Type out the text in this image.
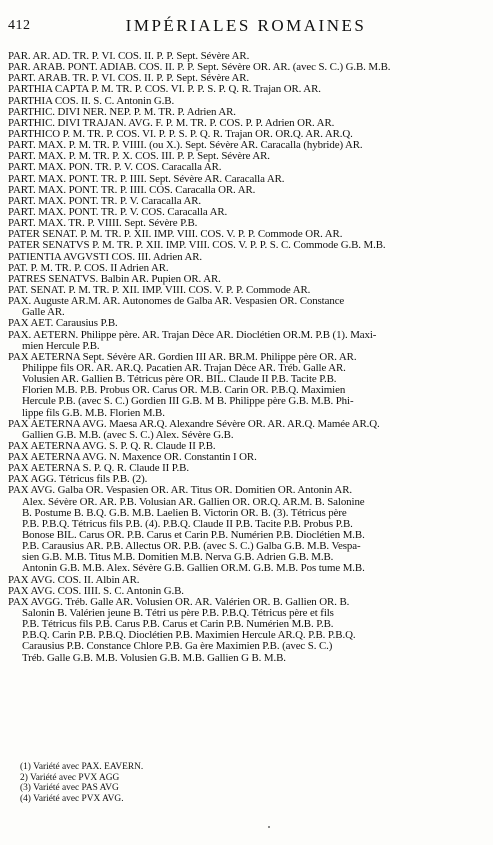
412	IMPÉRIALES ROMAINES
PAR. AR. AD. TR. P. VI. COS. II. P. P. Sept. Sévère AR.
PAR. ARAB. PONT. ADIAB. COS. II. P. P. Sept. Sévère OR. AR. (avec S. C.) G.B. M.B.
PART. ARAB. TR. P. VI. COS. II. P. P. Sept. Sévère AR.
PARTHIA CAPTA P. M. TR. P. COS. VI. P. P. S. P. Q. R. Trajan OR. AR.
PARTHIA COS. II. S. C. Antonin G.B.
PARTHIC. DIVI NER. NEP. P. M. TR. P. Adrien AR.
PARTHIC. DIVI TRAJAN. AVG. F. P. M. TR. P. COS. P. P. Adrien OR. AR.
PARTHICO P. M. TR. P. COS. VI. P. P. S. P. Q. R. Trajan OR. OR.Q. AR. AR.Q.
PART. MAX. P. M. TR. P. VIIII. (ou X.). Sept. Sévère AR. Caracalla (hybride) AR.
PART. MAX. P. M. TR. P. X. COS. III. P. P. Sept. Sévère AR.
PART. MAX. PON. TR. P. V. COS. Caracalla AR.
PART. MAX. PONT. TR. P. IIII. Sept. Sévère AR. Caracalla AR.
PART. MAX. PONT. TR. P. IIII. COS. Caracalla OR. AR.
PART. MAX. PONT. TR. P. V. Caracalla AR.
PART. MAX. PONT. TR. P. V. COS. Caracalla AR.
PART. MAX. TR. P. VIIII. Sept. Sévère P.B.
PATER SENAT. P. M. TR. P. XII. IMP. VIII. COS. V. P. P. Commode OR. AR.
PATER SENATVS P. M. TR. P. XII. IMP. VIII. COS. V. P. P. S. C. Commode G.B. M.B.
PATIENTIA AVGVSTI COS. III. Adrien AR.
PAT. P. M. TR. P. COS. II Adrien AR.
PATRES SENATVS. Balbin AR. Pupien OR. AR.
PAT. SENAT. P. M. TR. P. XII. IMP. VIII. COS. V. P. P. Commode AR.
PAX. Auguste AR.M. AR. Autonomes de Galba AR. Vespasien OR. Constance
Galle AR.
PAX AET. Carausius P.B.
PAX. AETERN. Philippe père. AR. Trajan Dèce AR. Dioclétien OR.M. P.B (1). Maxi-
mien Hercule P.B.
PAX AETERNA Sept. Sévère AR. Gordien III AR. BR.M. Philippe père OR. AR.
Philippe fils OR. AR. AR.Q. Pacatien AR. Trajan Dèce AR. Tréb. Galle AR.
Volusien AR. Gallien B. Tétricus père OR. BIL. Claude II P.B. Tacite P.B.
Florien M.B. P.B. Probus OR. Carus OR. M.B. Carin OR. P.B.Q. Maximien
Hercule P.B. (avec S. C.) Gordien III G.B. M B. Philippe père G.B. M.B. Phi-
lippe fils G.B. M.B. Florien M.B.
PAX AETERNA AVG. Maesa AR.Q. Alexandre Sévère OR. AR. AR.Q. Mamée AR.Q.
Gallien G.B. M.B. (avec S. C.) Alex. Sévère G.B.
PAX AETERNA AVG. S. P. Q. R. Claude II P.B.
PAX AETERNA AVG. N. Maxence OR. Constantin I OR.
PAX AETERNA S. P. Q. R. Claude II P.B.
PAX AGG. Tétricus fils P.B. (2).
PAX AVG. Galba OR. Vespasien OR. AR. Titus OR. Domitien OR. Antonin AR.
Alex. Sévère OR. AR. P.B. Volusian AR. Gallien OR. OR.Q. AR.M. B. Salonine
B. Postume B. B.Q. G.B. M.B. Laelien B. Victorin OR. B. (3). Tétricus père
P.B. P.B.Q. Tétricus fils P.B. (4). P.B.Q. Claude II P.B. Tacite P.B. Probus P.B.
Bonose BIL. Carus OR. P.B. Carus et Carin P.B. Numérien P.B. Dioclétien M.B.
P.B. Carausius AR. P.B. Allectus OR. P.B. (avec S. C.) Galba G.B. M.B. Vespa-
sien G.B. M.B. Titus M.B. Domitien M.B. Nerva G.B. Adrien G.B. M.B.
Antonin G.B. M.B. Alex. Sévère G.B. Gallien OR.M. G.B. M.B. Pos tume M.B.
PAX AVG. COS. II. Albin AR.
PAX AVG. COS. IIII. S. C. Antonin G.B.
PAX AVGG. Tréb. Galle AR. Volusien OR. AR. Valérien OR. B. Gallien OR. B.
Salonin B. Valérien jeune B. Tétri us père P.B. P.B.Q. Tétricus père et fils
P.B. Tétricus fils P.B. Carus P.B. Carus et Carin P.B. Numérien M.B. P.B.
P.B.Q. Carin P.B. P.B.Q. Dioclétien P.B. Maximien Hercule AR.Q. P.B. P.B.Q.
Carausius P.B. Constance Chlore P.B. Ga ère Maximien P.B. (avec S. C.)
Tréb. Galle G.B. M.B. Volusien G.B. M.B. Gallien G B. M.B.
(1) Variété avec PAX. EAVERN.
2) Variété avec PVX AGG
(3) Variété avec PAS AVG
(4) Variété avec PVX AVG.
